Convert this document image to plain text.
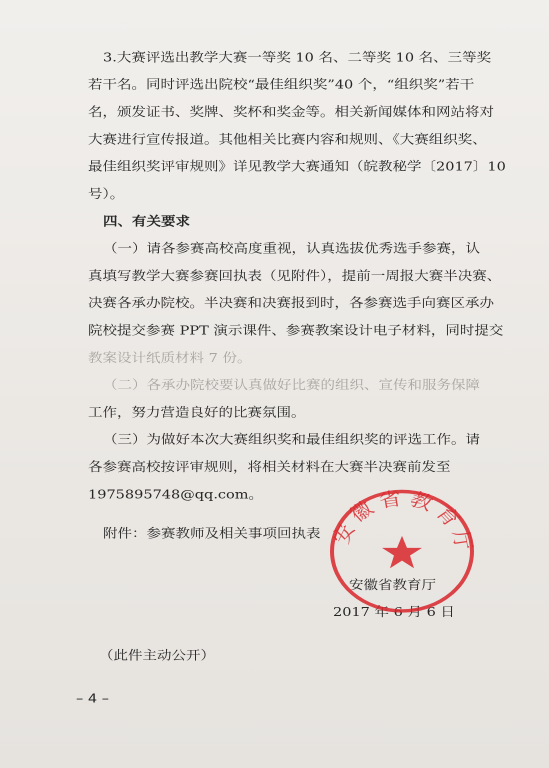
3.大赛评选出教学大赛一等奖 10 名、二等奖 10 名、三等奖
若干名。同时评选出院校“最佳组织奖”40 个，“组织奖”若干
名，颁发证书、奖牌、奖杯和奖金等。相关新闻媒体和网站将对
大赛进行宣传报道。其他相关比赛内容和规则、《大赛组织奖、
最佳组织奖评审规则》详见教学大赛通知（皖教秘学〔2017〕10
号）。
四、有关要求
（一）请各参赛高校高度重视，认真选拔优秀选手参赛，认
真填写教学大赛参赛回执表（见附件），提前一周报大赛半决赛、
决赛各承办院校。半决赛和决赛报到时，各参赛选手向赛区承办
院校提交参赛 PPT 演示课件、参赛教案设计电子材料，同时提交
教案设计纸质材料 7 份。
（二）各承办院校要认真做好比赛的组织、宣传和服务保障
工作，努力营造良好的比赛氛围。
（三）为做好本次大赛组织奖和最佳组织奖的评选工作。请
各参赛高校按评审规则，将相关材料在大赛半决赛前发至
1975895748@qq.com。
附件：参赛教师及相关事项回执表
安徽省教育厅
2017 年 6 月 6 日
安徽省教育厅
（此件主动公开）
– 4 –
